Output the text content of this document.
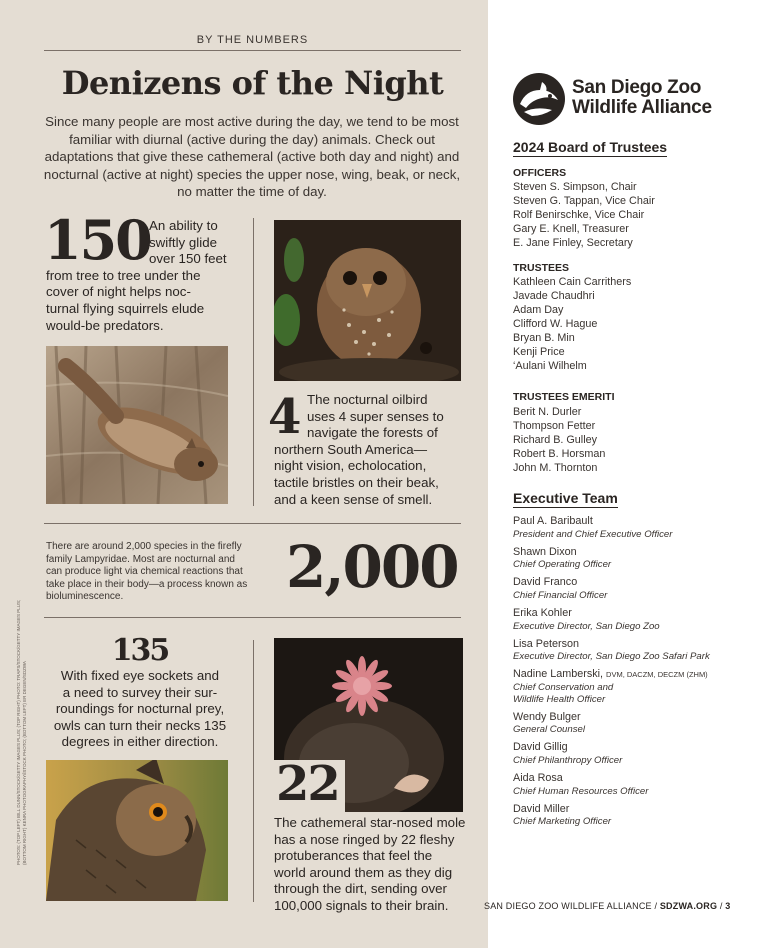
BY THE NUMBERS
Denizens of the Night
Since many people are most active during the day, we tend to be most familiar with diurnal (active during the day) animals. Check out adaptations that give these cathemeral (active both day and night) and nocturnal (active at night) species the upper nose, wing, beak, or neck, no matter the time of day.
150
An ability to
swiftly glide
over 150 feet
from tree to tree under the
cover of night helps noc-
turnal flying squirrels elude
would-be predators.
4 The nocturnal oilbird
uses 4 super senses to
navigate the forests of
northern South America—
night vision, echolocation,
tactile bristles on their beak,
and a keen sense of smell.
There are around 2,000 species in the firefly
family Lampyridae. Most are nocturnal and
can produce light via chemical reactions that
take place in their body—a process known as
bioluminescence.	2,000
135
With fixed eye sockets and
a need to survey their sur-
roundings for nocturnal prey,
owls can turn their necks 135
degrees in either direction.
22
The cathemeral star-nosed mole
has a nose ringed by 22 fleshy
protuberances that feel the
world around them as they dig
through the dirt, sending over
100,000 signals to their brain.
PHOTOS: (TOP LEFT) BILL DUNN/STOCK/GETTY IMAGES PLUS; (TOP RIGHT) PHOTO: TRAPS/STOCK/GETTY IMAGES PLUS; (BOTTOM RIGHT) KENRA PHOTOGRAPHY/iSTOCK PHOTO; (BOTTOM LEFT) ER DEGEN/SDZWA
San Diego Zoo
Wildlife Alliance
2024 Board of Trustees
OFFICERS
Steven S. Simpson, Chair
Steven G. Tappan, Vice Chair
Rolf Benirschke, Vice Chair
Gary E. Knell, Treasurer
E. Jane Finley, Secretary
TRUSTEES
Kathleen Cain Carrithers
Javade Chaudhri
Adam Day
Clifford W. Hague
Bryan B. Min
Kenji Price
‘Aulani Wilhelm
TRUSTEES EMERITI
Berit N. Durler
Thompson Fetter
Richard B. Gulley
Robert B. Horsman
John M. Thornton
Executive Team
Paul A. Baribault
President and Chief Executive Officer
Shawn Dixon
Chief Operating Officer
David Franco
Chief Financial Officer
Erika Kohler
Executive Director, San Diego Zoo
Lisa Peterson
Executive Director, San Diego Zoo Safari Park
Nadine Lamberski, DVM, DACZM, DECZM (ZHM)
Chief Conservation and
Wildlife Health Officer
Wendy Bulger
General Counsel
David Gillig
Chief Philanthropy Officer
Aida Rosa
Chief Human Resources Officer
David Miller
Chief Marketing Officer
SAN DIEGO ZOO WILDLIFE ALLIANCE / SDZWA.ORG / 3
